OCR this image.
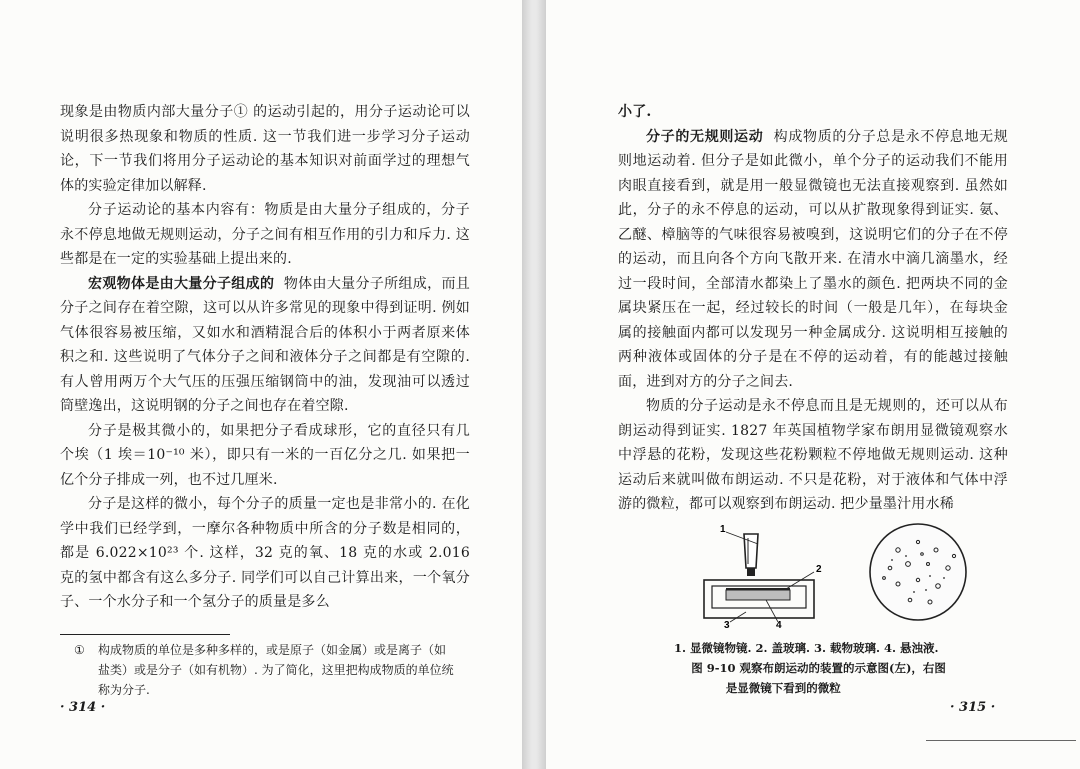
现象是由物质内部大量分子① 的运动引起的，用分子运动论可以说明很多热现象和物质的性质. 这一节我们进一步学习分子运动论，下一节我们将用分子运动论的基本知识对前面学过的理想气体的实验定律加以解释.

分子运动论的基本内容有：物质是由大量分子组成的，分子永不停息地做无规则运动，分子之间有相互作用的引力和斥力. 这些都是在一定的实验基础上提出来的.

宏观物体是由大量分子组成的 物体由大量分子所组成，而且分子之间存在着空隙，这可以从许多常见的现象中得到证明. 例如气体很容易被压缩，又如水和酒精混合后的体积小于两者原来体积之和. 这些说明了气体分子之间和液体分子之间都是有空隙的. 有人曾用两万个大气压的压强压缩钢筒中的油，发现油可以透过筒壁逸出，这说明钢的分子之间也存在着空隙.

分子是极其微小的，如果把分子看成球形，它的直径只有几个埃（1 埃＝10⁻¹⁰ 米），即只有一米的一百亿分之几. 如果把一亿个分子排成一列，也不过几厘米.

分子是这样的微小，每个分子的质量一定也是非常小的. 在化学中我们已经学到，一摩尔各种物质中所含的分子数是相同的，都是 6.022×10²³ 个. 这样，32 克的氧、18 克的水或 2.016 克的氢中都含有这么多分子. 同学们可以自己计算出来，一个氧分子、一个水分子和一个氢分子的质量是多么

① 构成物质的单位是多种多样的，或是原子（如金属）或是离子（如盐类）或是分子（如有机物）. 为了简化，这里把构成物质的单位统称为分子.
· 314 ·

小了.

分子的无规则运动 构成物质的分子总是永不停息地无规则地运动着. 但分子是如此微小，单个分子的运动我们不能用肉眼直接看到，就是用一般显微镜也无法直接观察到. 虽然如此，分子的永不停息的运动，可以从扩散现象得到证实. 氨、乙醚、樟脑等的气味很容易被嗅到，这说明它们的分子在不停的运动，而且向各个方向飞散开来. 在清水中滴几滴墨水，经过一段时间，全部清水都染上了墨水的颜色. 把两块不同的金属块紧压在一起，经过较长的时间（一般是几年），在每块金属的接触面内都可以发现另一种金属成分. 这说明相互接触的两种液体或固体的分子是在不停的运动着，有的能越过接触面，进到对方的分子之间去.

物质的分子运动是永不停息而且是无规则的，还可以从布朗运动得到证实. 1827 年英国植物学家布朗用显微镜观察水中浮悬的花粉，发现这些花粉颗粒不停地做无规则运动. 这种运动后来就叫做布朗运动. 不只是花粉，对于液体和气体中浮游的微粒，都可以观察到布朗运动. 把少量墨汁用水稀

1
2
3	4
1. 显微镜物镜. 2. 盖玻璃. 3. 载物玻璃. 4. 悬浊液.
图 9-10 观察布朗运动的装置的示意图(左)，右图
是显微镜下看到的微粒
· 315 ·
